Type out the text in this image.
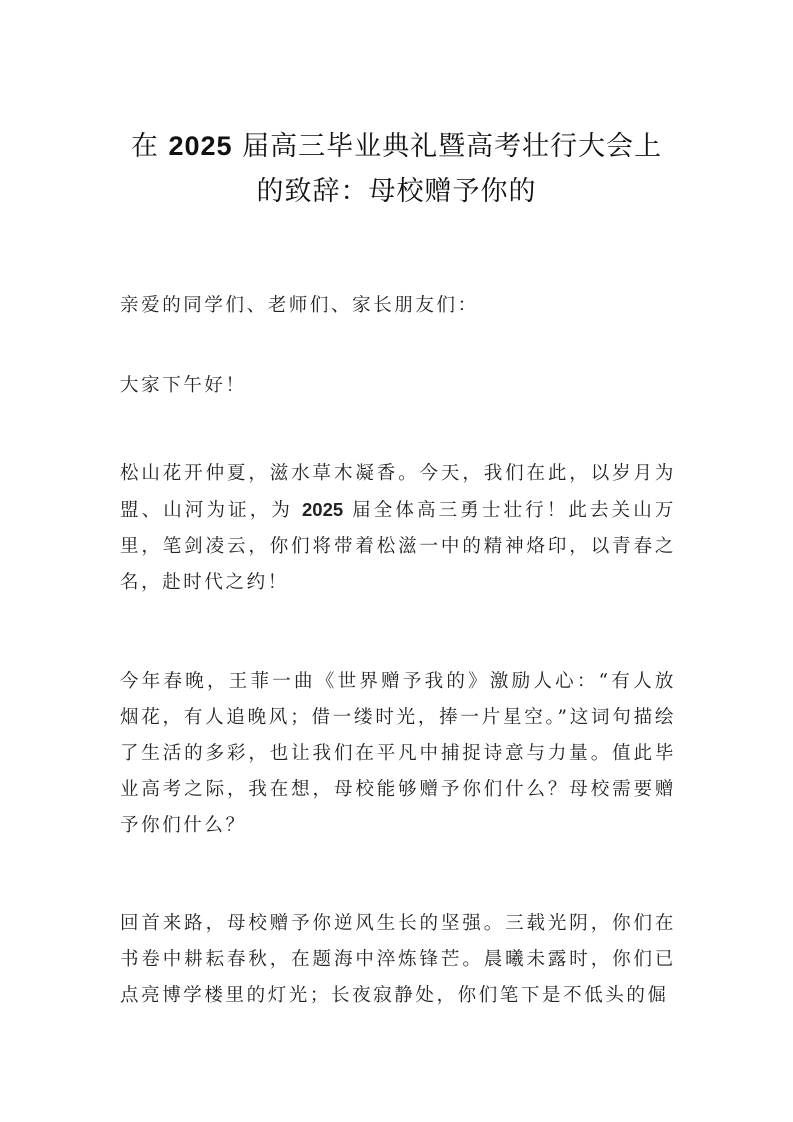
在 2025 届高三毕业典礼暨高考壮行大会上
的致辞：母校赠予你的

亲爱的同学们、老师们、家长朋友们：

大家下午好！

松山花开仲夏，滋水草木凝香。今天，我们在此，以岁月为盟、山河为证，为 2025 届全体高三勇士壮行！此去关山万里，笔剑凌云，你们将带着松滋一中的精神烙印，以青春之名，赴时代之约！

今年春晚，王菲一曲《世界赠予我的》激励人心：“有人放烟花，有人追晚风；借一缕时光，捧一片星空。”这词句描绘了生活的多彩，也让我们在平凡中捕捉诗意与力量。值此毕业高考之际，我在想，母校能够赠予你们什么？母校需要赠予你们什么？

回首来路，母校赠予你逆风生长的坚强。三载光阴，你们在书卷中耕耘春秋，在题海中淬炼锋芒。晨曦未露时，你们已点亮博学楼里的灯光；长夜寂静处，你们笔下是不低头的倔
